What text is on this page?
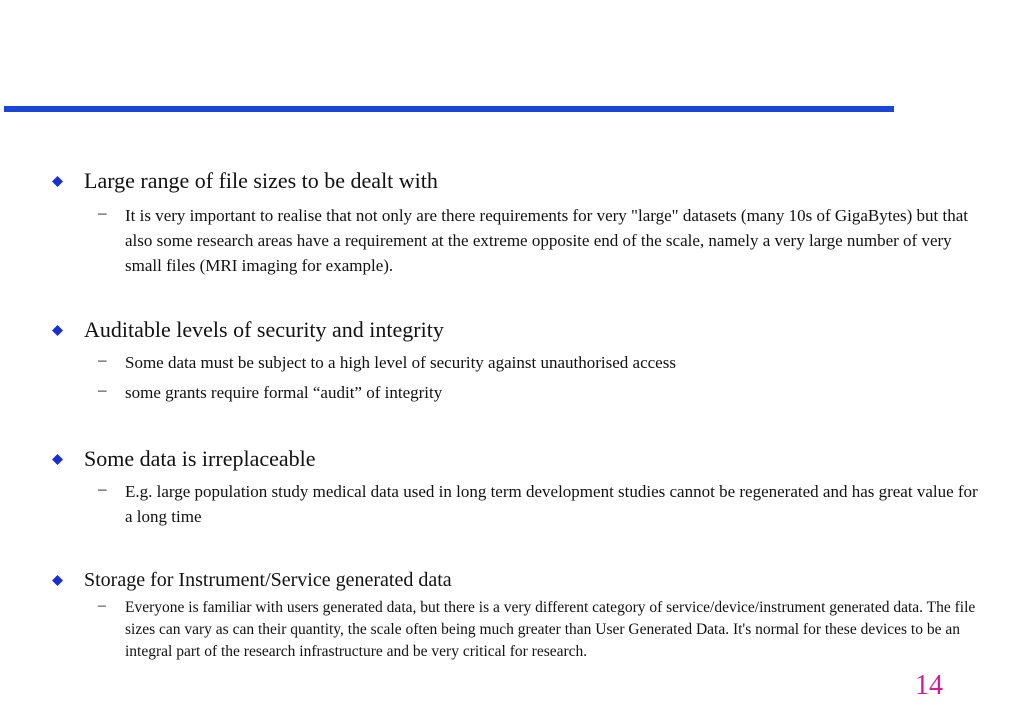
Large range of file sizes to be dealt with
– It is very important to realise that not only are there requirements for very "large" datasets (many 10s of GigaBytes) but that also some research areas have a requirement at the extreme opposite end of the scale, namely a very large number of very small files (MRI imaging for example).
Auditable levels of security and integrity
– Some data must be subject to a high level of security against unauthorised access
– some grants require formal “audit” of integrity
Some data is irreplaceable
– E.g. large population study medical data used in long term development studies cannot be regenerated and has great value for a long time
Storage for Instrument/Service generated data
– Everyone is familiar with users generated data, but there is a very different category of service/device/instrument generated data. The file sizes can vary as can their quantity, the scale often being much greater than User Generated Data. It's normal for these devices to be an integral part of the research infrastructure and be very critical for research.
14
